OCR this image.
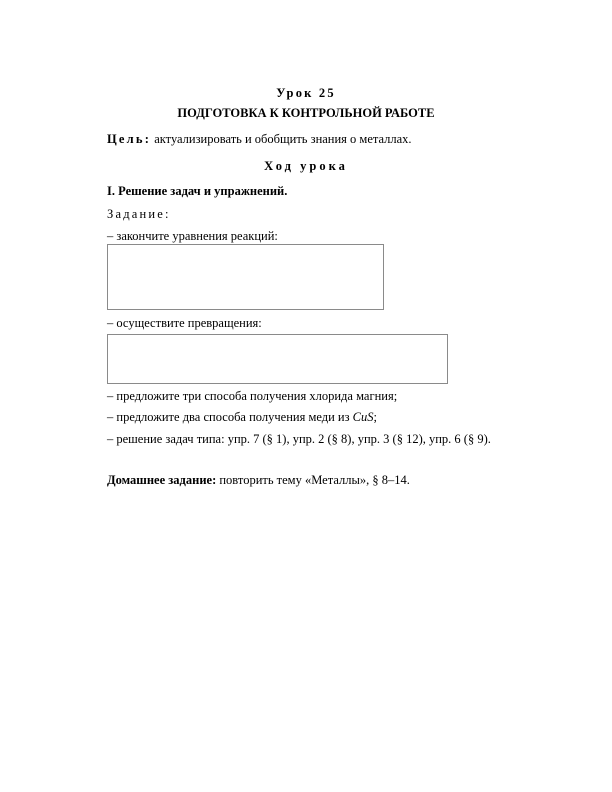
Урок 25
ПОДГОТОВКА К КОНТРОЛЬНОЙ РАБОТЕ
Цель: актуализировать и обобщить знания о металлах.
Ход урока
I. Решение задач и упражнений.
Задание:
– закончите уравнения реакций:
– осуществите превращения:
– предложите три способа получения хлорида магния;
– предложите два способа получения меди из CuS;
– решение задач типа: упр. 7 (§ 1), упр. 2 (§ 8), упр. 3 (§ 12), упр. 6 (§ 9).
Домашнее задание: повторить тему «Металлы», § 8–14.
